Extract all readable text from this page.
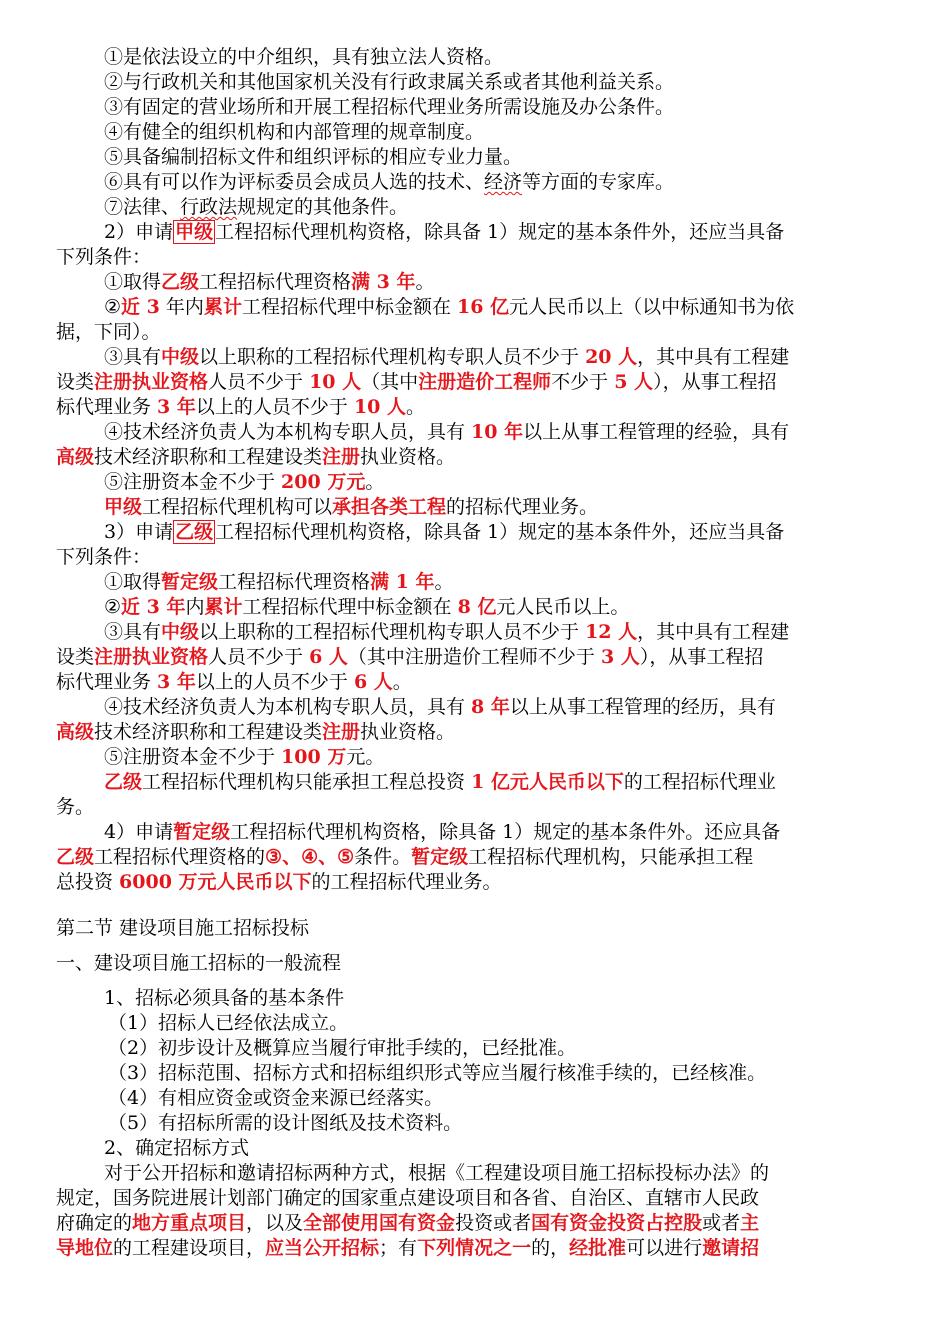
①是依法设立的中介组织，具有独立法人资格。
②与行政机关和其他国家机关没有行政隶属关系或者其他利益关系。
③有固定的营业场所和开展工程招标代理业务所需设施及办公条件。
④有健全的组织机构和内部管理的规章制度。
⑤具备编制招标文件和组织评标的相应专业力量。
⑥具有可以作为评标委员会成员人选的技术、经济等方面的专家库。
⑦法律、行政法规规定的其他条件。
2）申请 甲级 工程招标代理机构资格，除具备 1）规定的基本条件外，还应当具备
下列条件：
①取得乙级工程招标代理资格满 3 年。
②近 3 年内累计工程招标代理中标金额在 16 亿元人民币以上（以中标通知书为依
据，下同）。
③具有中级以上职称的工程招标代理机构专职人员不少于 20 人，其中具有工程建
设类注册执业资格人员不少于 10 人（其中注册造价工程师不少于 5 人），从事工程招
标代理业务 3 年以上的人员不少于 10 人。
④技术经济负责人为本机构专职人员，具有 10 年以上从事工程管理的经验，具有
高级技术经济职称和工程建设类注册执业资格。
⑤注册资本金不少于 200 万元。
甲级工程招标代理机构可以承担各类工程的招标代理业务。
3）申请 乙级 工程招标代理机构资格，除具备 1）规定的基本条件外，还应当具备
下列条件：
①取得暂定级工程招标代理资格满 1 年。
②近 3 年内累计工程招标代理中标金额在 8 亿元人民币以上。
③具有中级以上职称的工程招标代理机构专职人员不少于 12 人，其中具有工程建
设类注册执业资格人员不少于 6 人（其中注册造价工程师不少于 3 人），从事工程招
标代理业务 3 年以上的人员不少于 6 人。
④技术经济负责人为本机构专职人员，具有 8 年以上从事工程管理的经历，具有
高级技术经济职称和工程建设类注册执业资格。
⑤注册资本金不少于 100 万元。
乙级工程招标代理机构只能承担工程总投资 1 亿元人民币以下的工程招标代理业
务。
4）申请暂定级工程招标代理机构资格，除具备 1）规定的基本条件外。还应具备
乙级工程招标代理资格的③、④、⑤条件。暂定级工程招标代理机构，只能承担工程
总投资 6000 万元人民币以下的工程招标代理业务。
第二节 建设项目施工招标投标
一、建设项目施工招标的一般流程
1、招标必须具备的基本条件
（1）招标人已经依法成立。
（2）初步设计及概算应当履行审批手续的，已经批准。
（3）招标范围、招标方式和招标组织形式等应当履行核准手续的，已经核准。
（4）有相应资金或资金来源已经落实。
（5）有招标所需的设计图纸及技术资料。
2、确定招标方式
对于公开招标和邀请招标两种方式，根据《工程建设项目施工招标投标办法》的
规定，国务院进展计划部门确定的国家重点建设项目和各省、自治区、直辖市人民政
府确定的地方重点项目，以及全部使用国有资金投资或者国有资金投资占控股或者主
导地位的工程建设项目，应当公开招标；有下列情况之一的，经批准可以进行邀请招
